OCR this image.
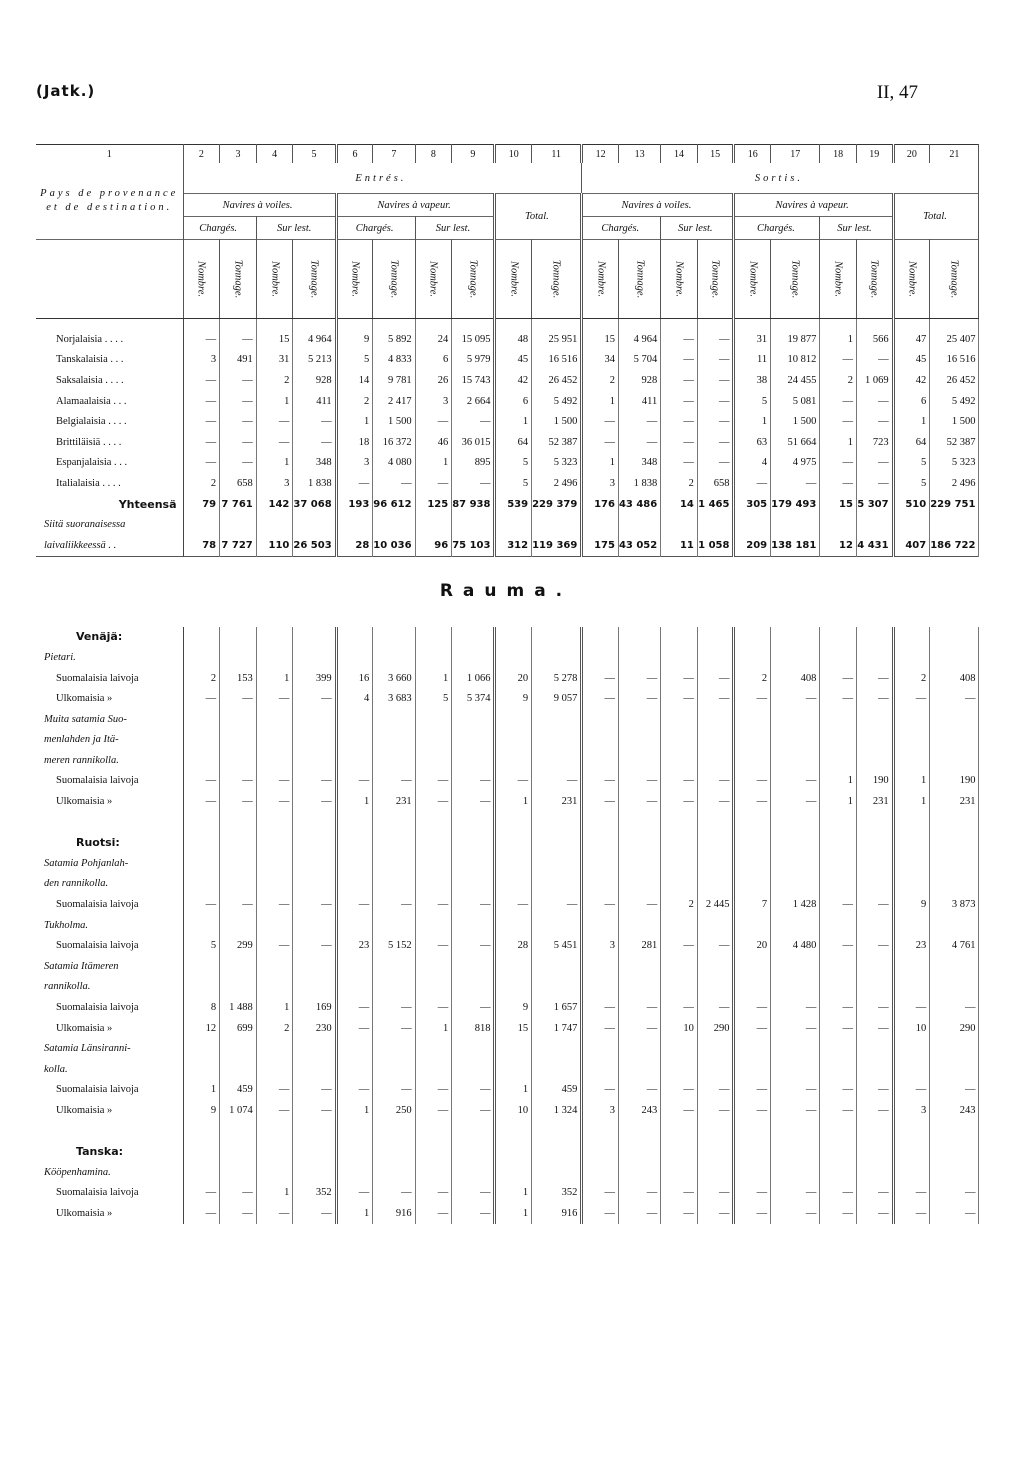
(Jatk.)	II, 47
1	2	3	4	5	6	7	8	9	10	11	12	13	14	15	16	17	18	19	20	21
Pays de provenance
et de destination.	Entrés.										Sortis.									
	Navires à voiles.				Navires à vapeur.				Total.		Navires à voiles.				Navires à vapeur.				Total.	
	Chargés.		Sur lest.		Chargés.		Sur lest.				Chargés.		Sur lest.		Chargés.		Sur lest.			

	Nombre.	Tonnage.	Nombre.	Tonnage.	Nombre.	Tonnage.	Nombre.	Tonnage.	Nombre.	Tonnage.	Nombre.	Tonnage.	Nombre.	Tonnage.	Nombre.	Tonnage.	Nombre.	Tonnage.	Nombre.	Tonnage.

Norjalaisia . . . .	—	—	15	4 964	9	5 892	24	15 095	48	25 951	15	4 964	—	—	31	19 877	1	566	47	25 407
Tanskalaisia . . .	3	491	31	5 213	5	4 833	6	5 979	45	16 516	34	5 704	—	—	11	10 812	—	—	45	16 516
Saksalaisia . . . .	—	—	2	928	14	9 781	26	15 743	42	26 452	2	928	—	—	38	24 455	2	1 069	42	26 452
Alamaalaisia . . .	—	—	1	411	2	2 417	3	2 664	6	5 492	1	411	—	—	5	5 081	—	—	6	5 492
Belgialaisia . . . .	—	—	—	—	1	1 500	—	—	1	1 500	—	—	—	—	1	1 500	—	—	1	1 500
Brittiläisiä . . . .	—	—	—	—	18	16 372	46	36 015	64	52 387	—	—	—	—	63	51 664	1	723	64	52 387
Espanjalaisia . . .	—	—	1	348	3	4 080	1	895	5	5 323	1	348	—	—	4	4 975	—	—	5	5 323
Italialaisia . . . .	2	658	3	1 838	—	—	—	—	5	2 496	3	1 838	2	658	—	—	—	—	5	2 496
Yhteensä	79	7 761	142	37 068	193	96 612	125	87 938	539	229 379	176	43 486	14	1 465	305	179 493	15	5 307	510	229 751
Siitä suoranaisessa																				
laivaliikkeessä . .	78	7 727	110	26 503	28	10 036	96	75 103	312	119 369	175	43 052	11	1 058	209	138 181	12	4 431	407	186 722
Rauma.																				
Venäjä:																				
Pietari.																				
Suomalaisia laivoja	2	153	1	399	16	3 660	1	1 066	20	5 278	—	—	—	—	2	408	—	—	2	408
Ulkomaisia »	—	—	—	—	4	3 683	5	5 374	9	9 057	—	—	—	—	—	—	—	—	—	—
Muita satamia Suo-																				
menlahden ja Itä-																				
meren rannikolla.																				
Suomalaisia laivoja	—	—	—	—	—	—	—	—	—	—	—	—	—	—	—	—	1	190	1	190
Ulkomaisia »	—	—	—	—	1	231	—	—	1	231	—	—	—	—	—	—	1	231	1	231

Ruotsi:																				
Satamia Pohjanlah-																				
den rannikolla.																				
Suomalaisia laivoja	—	—	—	—	—	—	—	—	—	—	—	—	2	2 445	7	1 428	—	—	9	3 873
Tukholma.																				
Suomalaisia laivoja	5	299	—	—	23	5 152	—	—	28	5 451	3	281	—	—	20	4 480	—	—	23	4 761
Satamia Itämeren																				
rannikolla.																				
Suomalaisia laivoja	8	1 488	1	169	—	—	—	—	9	1 657	—	—	—	—	—	—	—	—	—	—
Ulkomaisia »	12	699	2	230	—	—	1	818	15	1 747	—	—	10	290	—	—	—	—	10	290
Satamia Länsiranni-																				
kolla.																				
Suomalaisia laivoja	1	459	—	—	—	—	—	—	1	459	—	—	—	—	—	—	—	—	—	—
Ulkomaisia »	9	1 074	—	—	1	250	—	—	10	1 324	3	243	—	—	—	—	—	—	3	243

Tanska:																				
Kööpenhamina.																				
Suomalaisia laivoja	—	—	1	352	—	—	—	—	1	352	—	—	—	—	—	—	—	—	—	—
Ulkomaisia »	—	—	—	—	1	916	—	—	1	916	—	—	—	—	—	—	—	—	—	—
